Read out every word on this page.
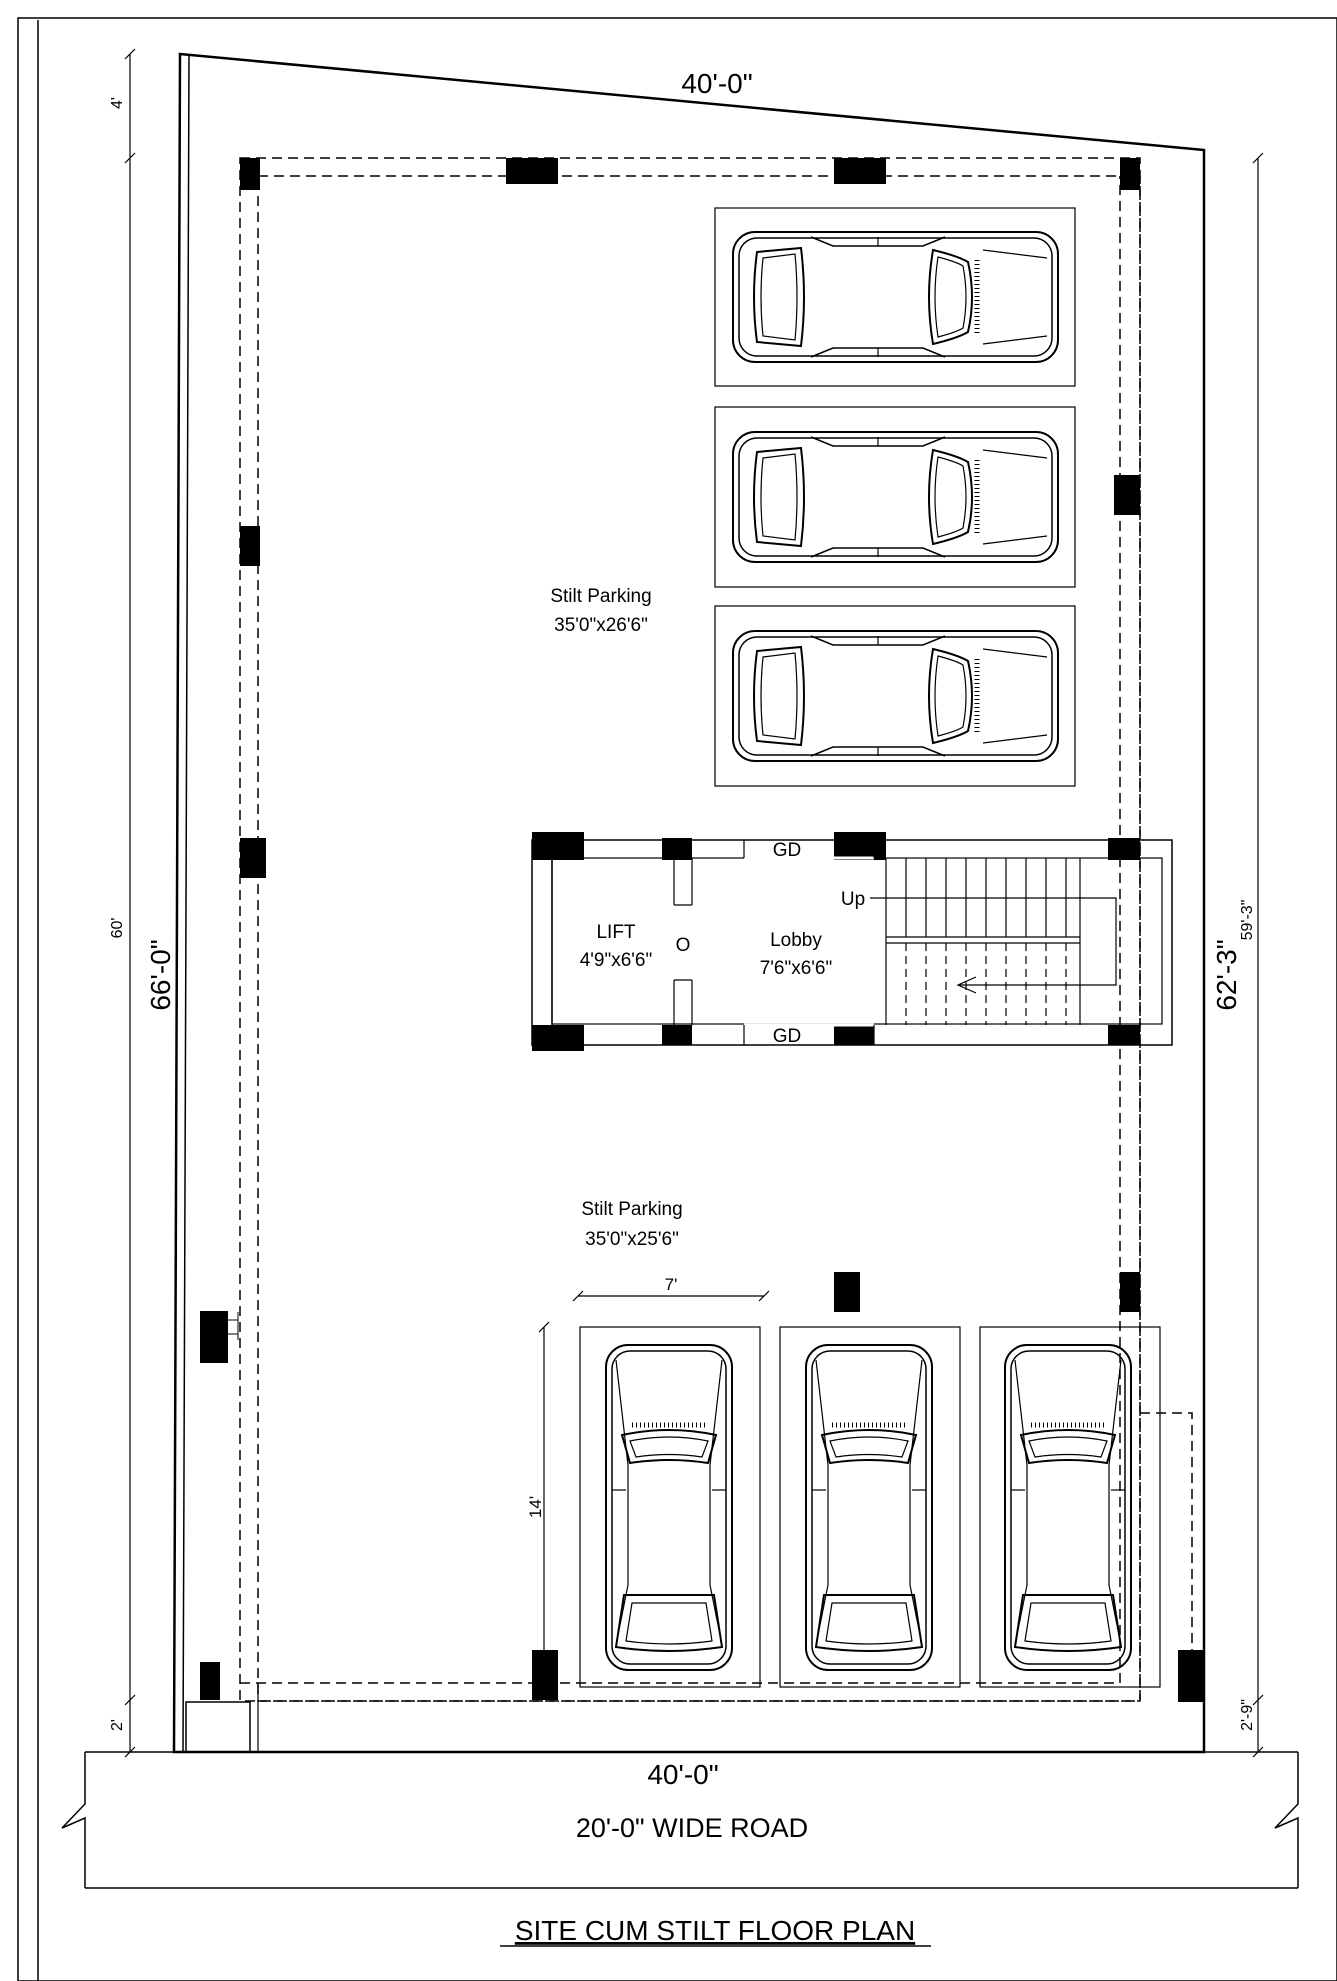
40'-0"
40'-0"
66'-0"	62'-3"
4'
60'
2'
59'-3"
2'-9"
7'
14'
Stilt Parking
35'0"x26'6"
Stilt Parking
35'0"x25'6"
LIFT
4'9"x6'6"
Lobby
7'6"x6'6"
GD
GD
O
Up
20'-0" WIDE ROAD
SITE CUM STILT FLOOR PLAN
